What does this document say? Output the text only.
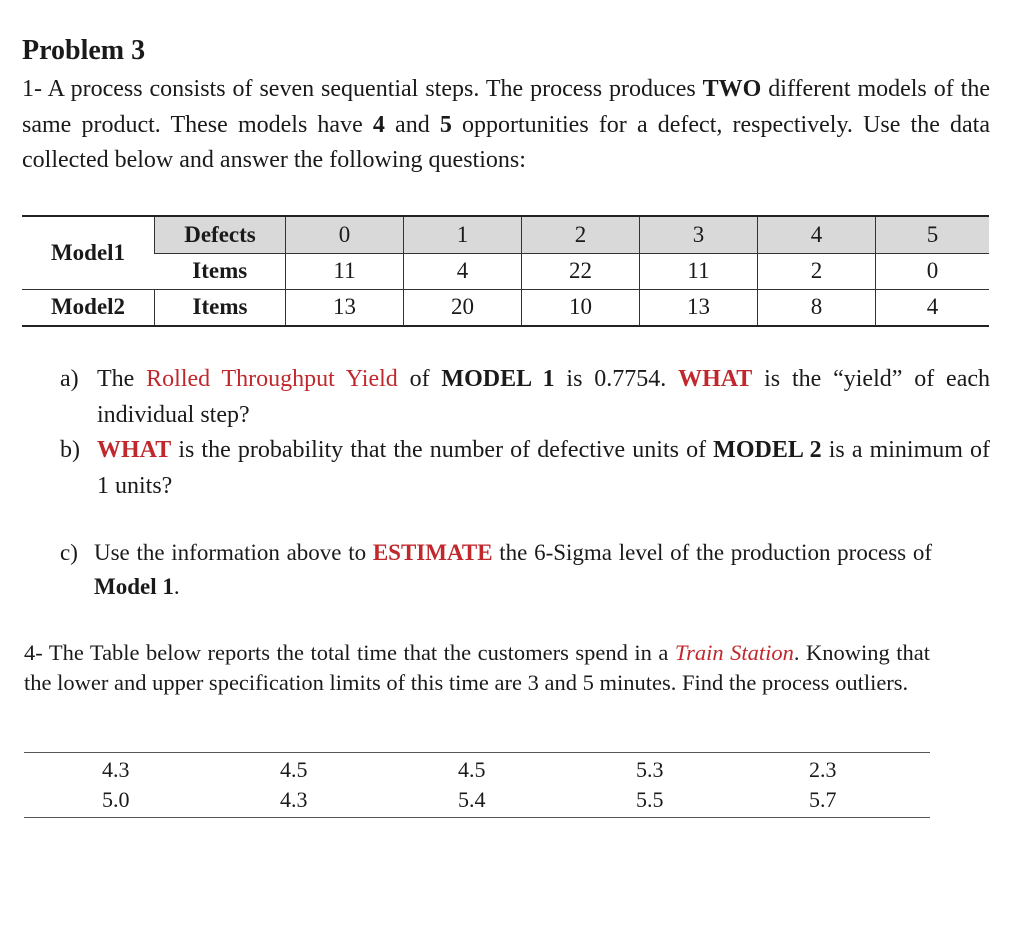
Problem 3

1- A process consists of seven sequential steps. The process produces TWO different models of the same product. These models have 4 and 5 opportunities for a defect, respectively. Use the data collected below and answer the following questions:

Model1	Defects	0	1	2	3	4	5
	Items	11	4	22	11	2	0
Model2	Items	13	20	10	13	8	4
a) The Rolled Throughput Yield of MODEL 1 is 0.7754. WHAT is the “yield” of each individual step?
b) WHAT is the probability that the number of defective units of MODEL 2 is a minimum of 1 units?
c) Use the information above to ESTIMATE the 6-Sigma level of the production process of Model 1.

4- The Table below reports the total time that the customers spend in a Train Station. Knowing that the lower and upper specification limits of this time are 3 and 5 minutes. Find the process outliers.

4.3	4.5	4.5	5.3	2.3
5.0	4.3	5.4	5.5	5.7
